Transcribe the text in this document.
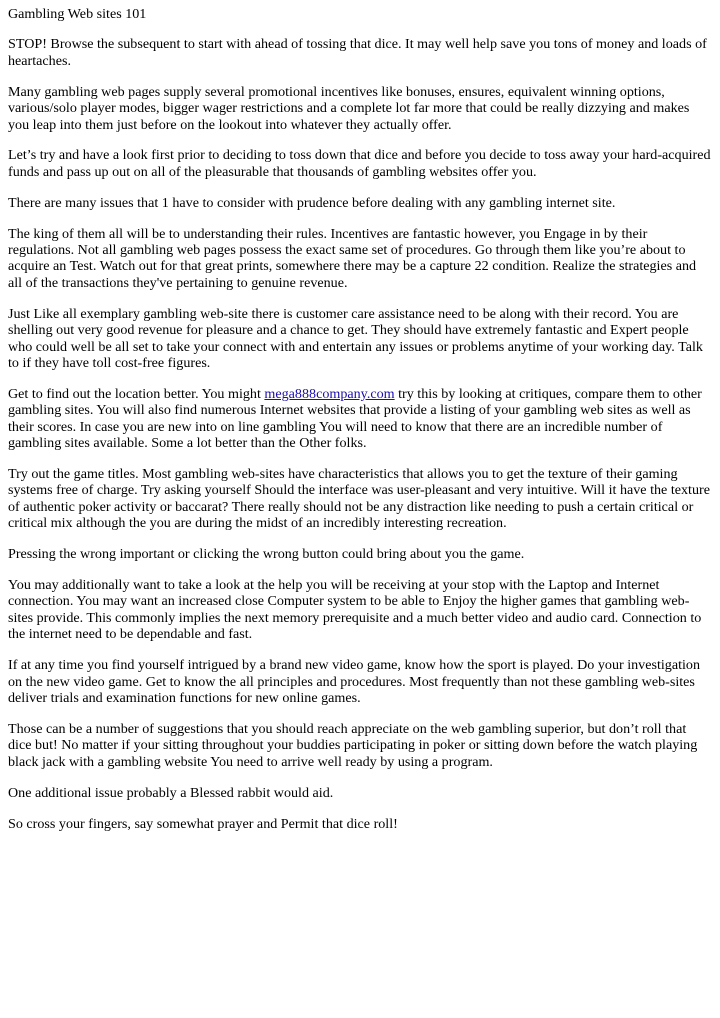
Gambling Web sites 101

STOP! Browse the subsequent to start with ahead of tossing that dice. It may well help save you tons of money and loads of heartaches.

Many gambling web pages supply several promotional incentives like bonuses, ensures, equivalent winning options, various/solo player modes, bigger wager restrictions and a complete lot far more that could be really dizzying and makes you leap into them just before on the lookout into whatever they actually offer.

Let’s try and have a look first prior to deciding to toss down that dice and before you decide to toss away your hard-acquired funds and pass up out on all of the pleasurable that thousands of gambling websites offer you.

There are many issues that 1 have to consider with prudence before dealing with any gambling internet site.

The king of them all will be to understanding their rules. Incentives are fantastic however, you Engage in by their regulations. Not all gambling web pages possess the exact same set of procedures. Go through them like you’re about to acquire an Test. Watch out for that great prints, somewhere there may be a capture 22 condition. Realize the strategies and all of the transactions they've pertaining to genuine revenue.

Just Like all exemplary gambling web-site there is customer care assistance need to be along with their record. You are shelling out very good revenue for pleasure and a chance to get. They should have extremely fantastic and Expert people who could well be all set to take your connect with and entertain any issues or problems anytime of your working day. Talk to if they have toll cost-free figures.

Get to find out the location better. You might mega888company.com try this by looking at critiques, compare them to other gambling sites. You will also find numerous Internet websites that provide a listing of your gambling web sites as well as their scores. In case you are new into on line gambling You will need to know that there are an incredible number of gambling sites available. Some a lot better than the Other folks.

Try out the game titles. Most gambling web-sites have characteristics that allows you to get the texture of their gaming systems free of charge. Try asking yourself Should the interface was user-pleasant and very intuitive. Will it have the texture of authentic poker activity or baccarat? There really should not be any distraction like needing to push a certain critical or critical mix although the you are during the midst of an incredibly interesting recreation.

Pressing the wrong important or clicking the wrong button could bring about you the game.

You may additionally want to take a look at the help you will be receiving at your stop with the Laptop and Internet connection. You may want an increased close Computer system to be able to Enjoy the higher games that gambling web-sites provide. This commonly implies the next memory prerequisite and a much better video and audio card. Connection to the internet need to be dependable and fast.

If at any time you find yourself intrigued by a brand new video game, know how the sport is played. Do your investigation on the new video game. Get to know the all principles and procedures. Most frequently than not these gambling web-sites deliver trials and examination functions for new online games.

Those can be a number of suggestions that you should reach appreciate on the web gambling superior, but don’t roll that dice but! No matter if your sitting throughout your buddies participating in poker or sitting down before the watch playing black jack with a gambling website You need to arrive well ready by using a program.

One additional issue probably a Blessed rabbit would aid.

So cross your fingers, say somewhat prayer and Permit that dice roll!
